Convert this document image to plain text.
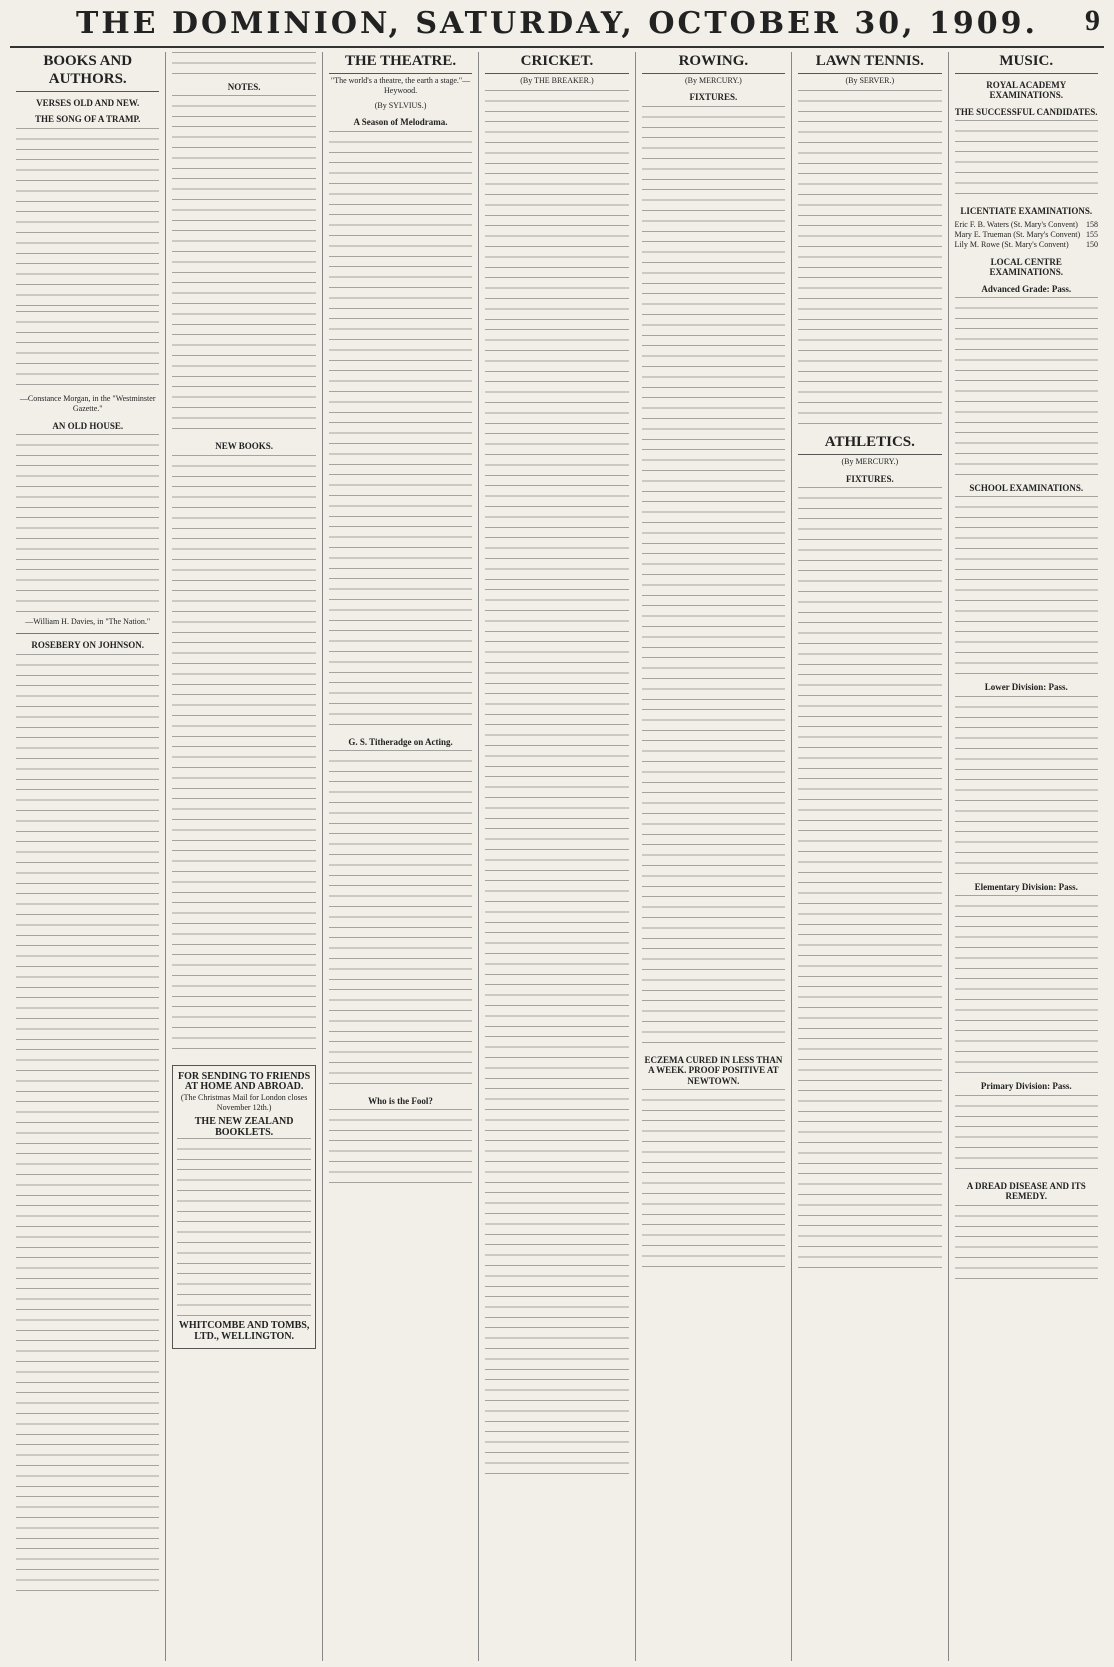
THE DOMINION, SATURDAY, OCTOBER 30, 1909. 9
BOOKS AND AUTHORS.
VERSES OLD AND NEW.
THE SONG OF A TRAMP.
—Constance Morgan, in the "Westminster Gazette."
AN OLD HOUSE.
—William H. Davies, in "The Nation."
ROSEBERY ON JOHNSON.
NOTES.
NEW BOOKS.
FOR SENDING TO FRIENDS AT HOME AND ABROAD.
(The Christmas Mail for London closes November 12th.)
THE NEW ZEALAND BOOKLETS.
WHITCOMBE AND TOMBS, LTD., WELLINGTON.
THE THEATRE.
"The world's a theatre, the earth a stage."—Heywood.
(By SYLVIUS.)
A Season of Melodrama.
G. S. Titheradge on Acting.
Who is the Fool?
CRICKET.
(By THE BREAKER.)
ROWING.
(By MERCURY.)
FIXTURES.
ECZEMA CURED IN LESS THAN A WEEK. PROOF POSITIVE AT NEWTOWN.
LAWN TENNIS.
(By SERVER.)
ATHLETICS.
(By MERCURY.)
FIXTURES.
MUSIC.
ROYAL ACADEMY EXAMINATIONS.
THE SUCCESSFUL CANDIDATES.
LICENTIATE EXAMINATIONS.
Eric F. B. Waters (St. Mary's Convent) 158
Mary E. Trueman (St. Mary's Convent) 155
Lily M. Rowe (St. Mary's Convent) 150
LOCAL CENTRE EXAMINATIONS.
Advanced Grade: Pass.
SCHOOL EXAMINATIONS.
Lower Division: Pass.
Elementary Division: Pass.
Primary Division: Pass.
A DREAD DISEASE AND ITS REMEDY.
